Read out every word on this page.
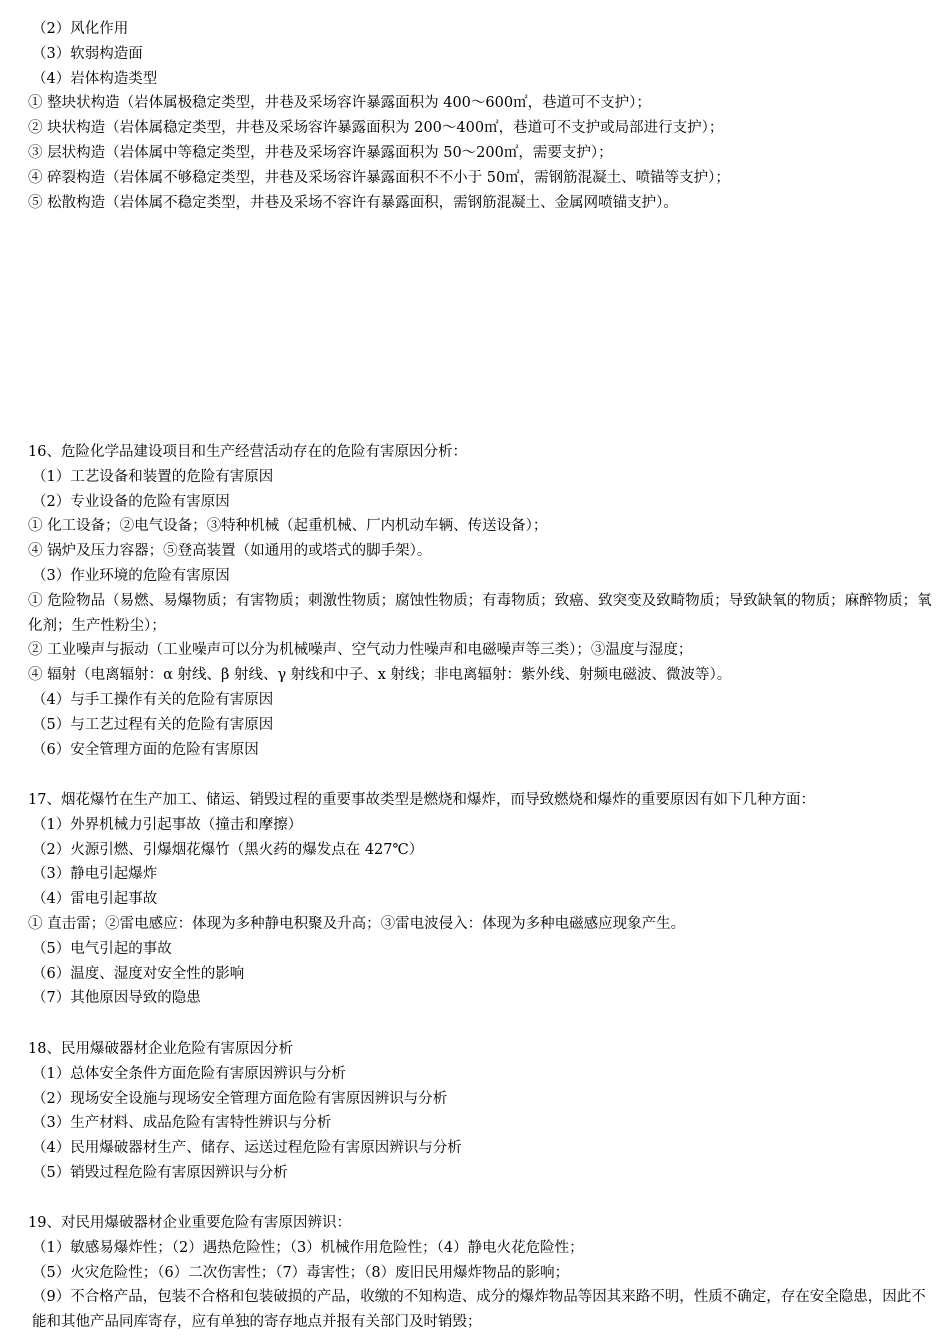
（2）风化作用
（3）软弱构造面
（4）岩体构造类型
① 整块状构造（岩体属极稳定类型，井巷及采场容许暴露面积为 400～600㎡，巷道可不支护）；
② 块状构造（岩体属稳定类型，井巷及采场容许暴露面积为 200～400㎡，巷道可不支护或局部进行支护）；
③ 层状构造（岩体属中等稳定类型，井巷及采场容许暴露面积为 50～200㎡，需要支护）；
④ 碎裂构造（岩体属不够稳定类型，井巷及采场容许暴露面积不不小于 50㎡，需钢筋混凝土、喷锚等支护）；
⑤ 松散构造（岩体属不稳定类型，井巷及采场不容许有暴露面积，需钢筋混凝土、金属网喷锚支护）。
16、危险化学品建设项目和生产经营活动存在的危险有害原因分析：
（1）工艺设备和装置的危险有害原因
（2）专业设备的危险有害原因
① 化工设备；②电气设备；③特种机械（起重机械、厂内机动车辆、传送设备）；
④ 锅炉及压力容器；⑤登高装置（如通用的或塔式的脚手架）。
（3）作业环境的危险有害原因
① 危险物品（易燃、易爆物质；有害物质；刺激性物质；腐蚀性物质；有毒物质；致癌、致突变及致畸物质；导致缺氧的物质；麻醉物质；氧化剂；生产性粉尘）；
② 工业噪声与振动（工业噪声可以分为机械噪声、空气动力性噪声和电磁噪声等三类）；③温度与湿度；
④ 辐射（电离辐射：α 射线、β 射线、γ 射线和中子、x 射线；非电离辐射：紫外线、射频电磁波、微波等）。
（4）与手工操作有关的危险有害原因
（5）与工艺过程有关的危险有害原因
（6）安全管理方面的危险有害原因
17、烟花爆竹在生产加工、储运、销毁过程的重要事故类型是燃烧和爆炸，而导致燃烧和爆炸的重要原因有如下几种方面：
（1）外界机械力引起事故（撞击和摩擦）
（2）火源引燃、引爆烟花爆竹（黑火药的爆发点在 427℃）
（3）静电引起爆炸
（4）雷电引起事故
① 直击雷；②雷电感应：体现为多种静电积聚及升高；③雷电波侵入：体现为多种电磁感应现象产生。
（5）电气引起的事故
（6）温度、湿度对安全性的影响
（7）其他原因导致的隐患
18、民用爆破器材企业危险有害原因分析
（1）总体安全条件方面危险有害原因辨识与分析
（2）现场安全设施与现场安全管理方面危险有害原因辨识与分析
（3）生产材料、成品危险有害特性辨识与分析
（4）民用爆破器材生产、储存、运送过程危险有害原因辨识与分析
（5）销毁过程危险有害原因辨识与分析
19、对民用爆破器材企业重要危险有害原因辨识：
（1）敏感易爆炸性；（2）遇热危险性；（3）机械作用危险性；（4）静电火花危险性；
（5）火灾危险性；（6）二次伤害性；（7）毒害性；（8）废旧民用爆炸物品的影响；
（9）不合格产品，包装不合格和包装破损的产品，收缴的不知构造、成分的爆炸物品等因其来路不明，性质不确定，存在安全隐患，因此不能和其他产品同库寄存，应有单独的寄存地点并报有关部门及时销毁；
